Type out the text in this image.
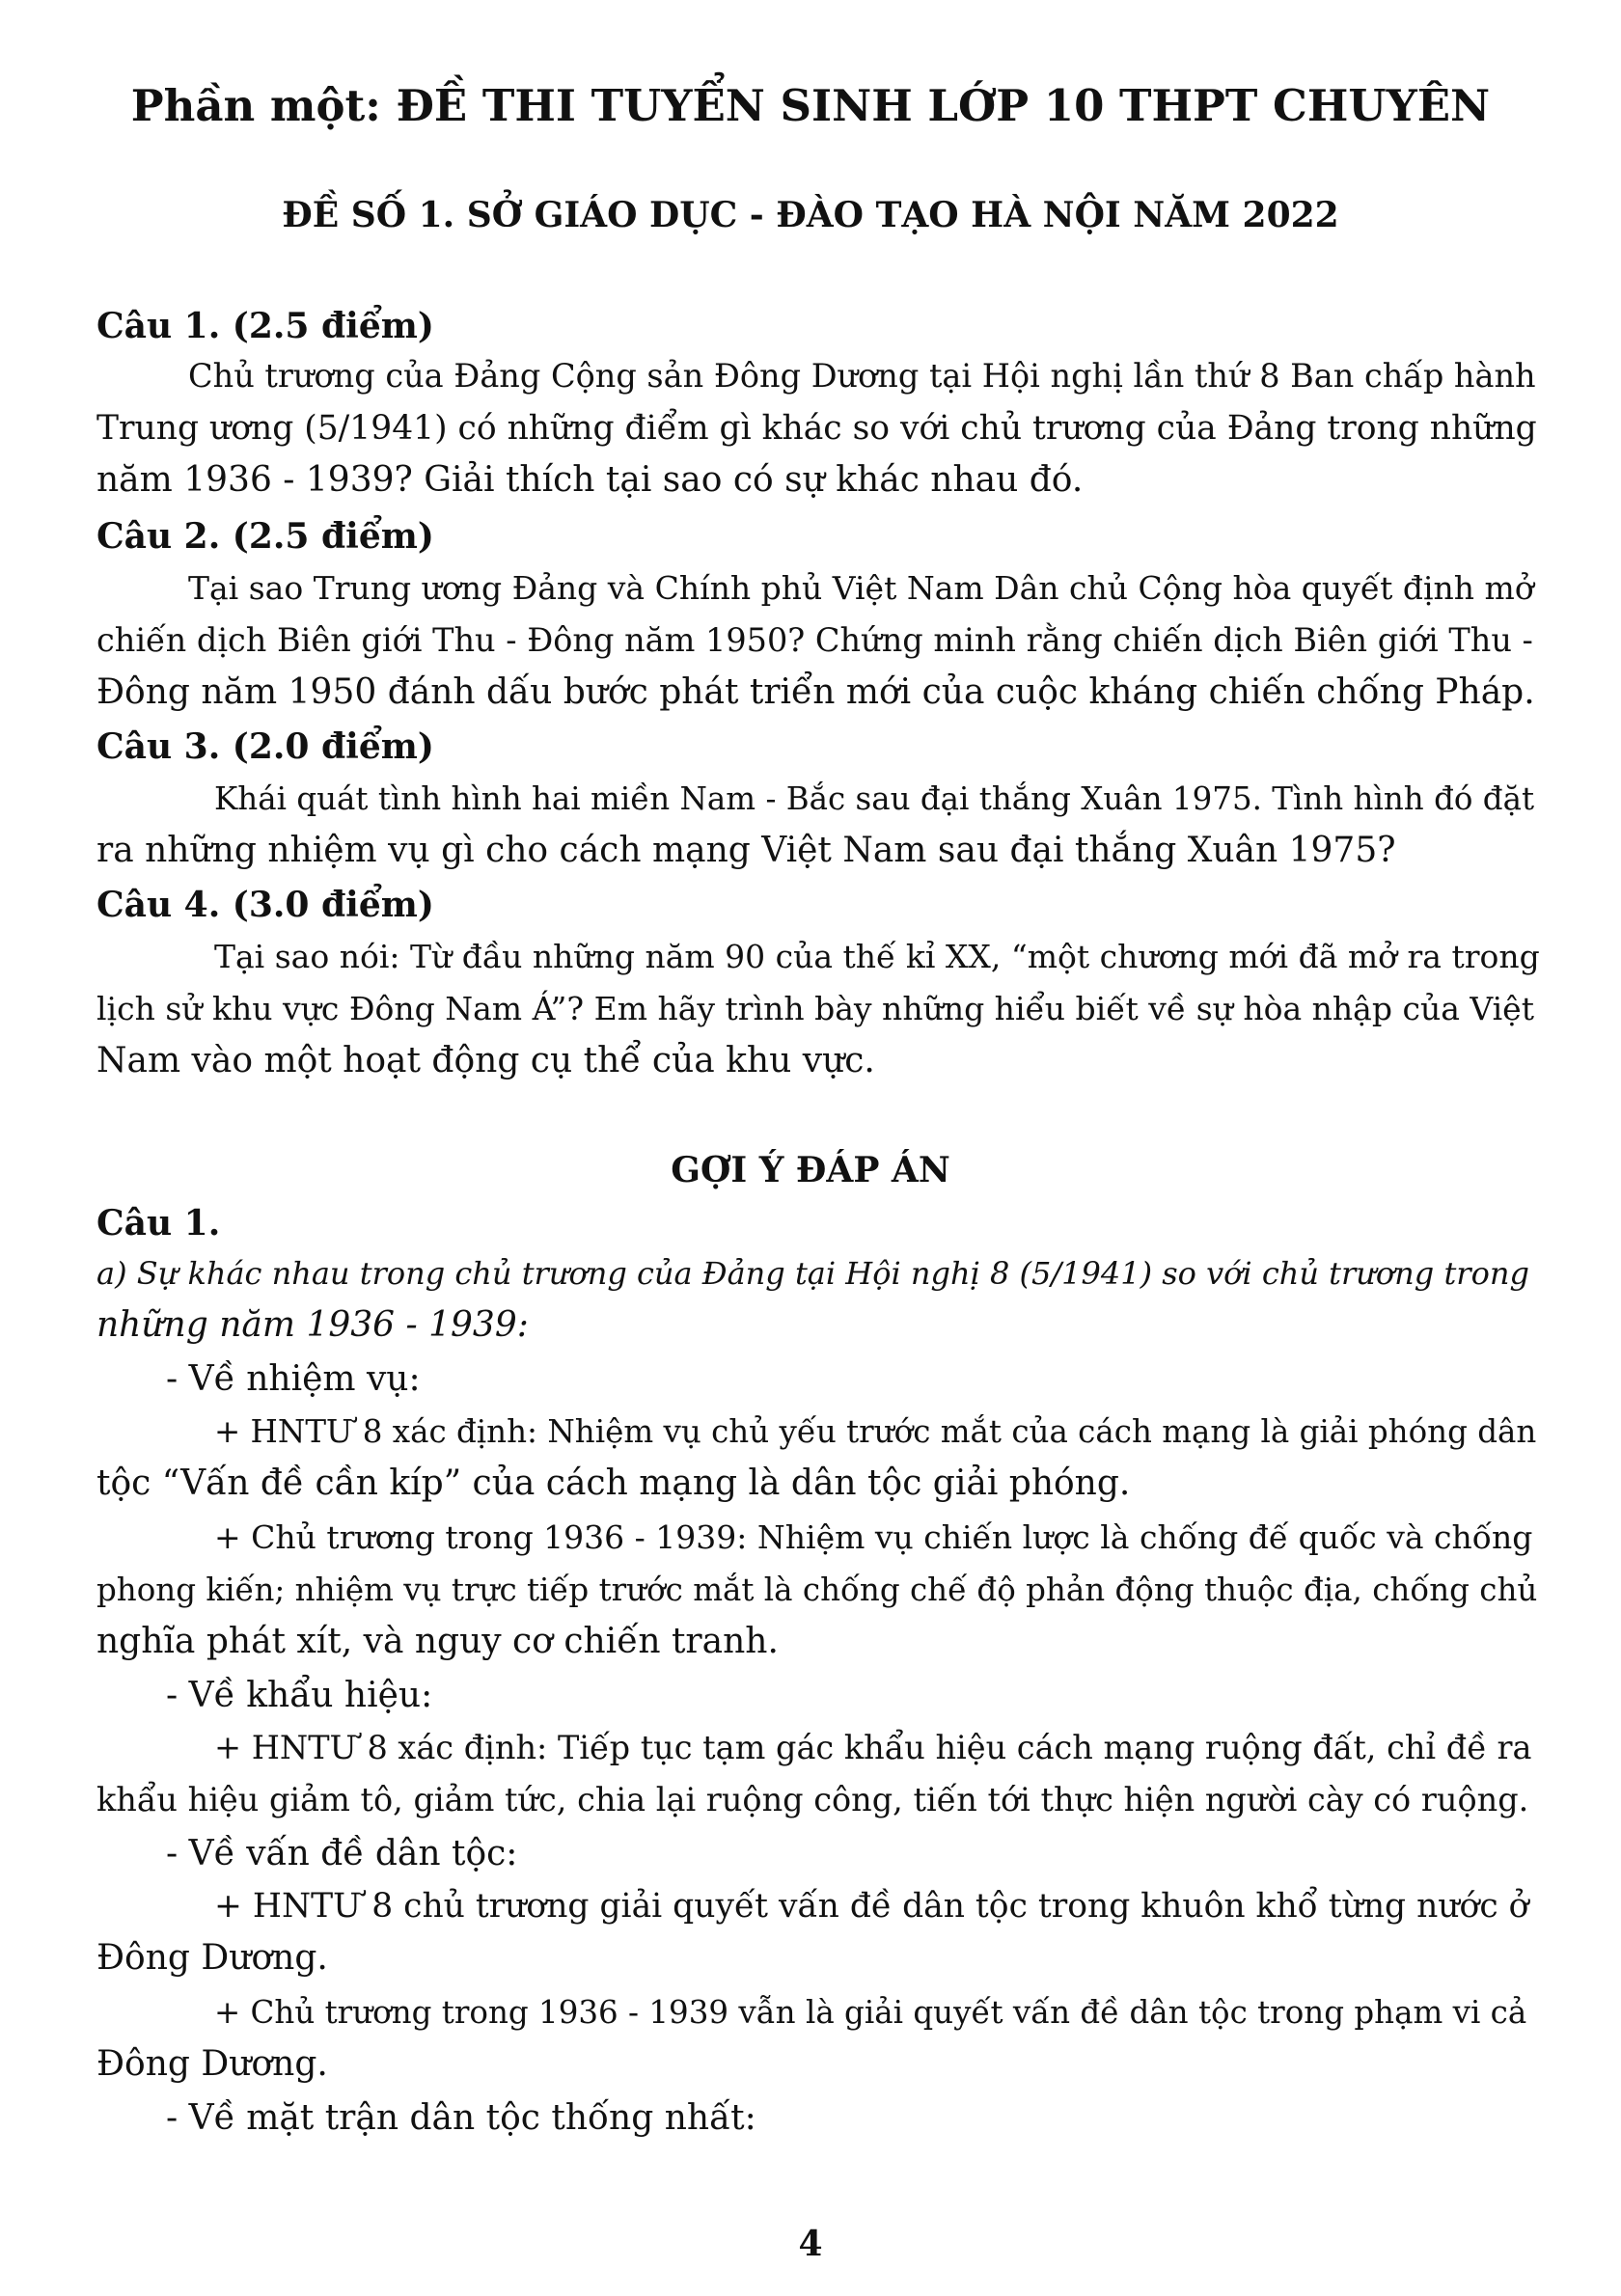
Phần một: ĐỀ THI TUYỂN SINH LỚP 10 THPT CHUYÊN
ĐỀ SỐ 1. SỞ GIÁO DỤC - ĐÀO TẠO HÀ NỘI NĂM 2022
Câu 1. (2.5 điểm)
Chủ trương của Đảng Cộng sản Đông Dương tại Hội nghị lần thứ 8 Ban chấp hành
Trung ương (5/1941) có những điểm gì khác so với chủ trương của Đảng trong những
năm 1936 - 1939? Giải thích tại sao có sự khác nhau đó.
Câu 2. (2.5 điểm)
Tại sao Trung ương Đảng và Chính phủ Việt Nam Dân chủ Cộng hòa quyết định mở
chiến dịch Biên giới Thu - Đông năm 1950? Chứng minh rằng chiến dịch Biên giới Thu -
Đông năm 1950 đánh dấu bước phát triển mới của cuộc kháng chiến chống Pháp.
Câu 3. (2.0 điểm)
Khái quát tình hình hai miền Nam - Bắc sau đại thắng Xuân 1975. Tình hình đó đặt
ra những nhiệm vụ gì cho cách mạng Việt Nam sau đại thắng Xuân 1975?
Câu 4. (3.0 điểm)
Tại sao nói: Từ đầu những năm 90 của thế kỉ XX, “một chương mới đã mở ra trong
lịch sử khu vực Đông Nam Á”? Em hãy trình bày những hiểu biết về sự hòa nhập của Việt
Nam vào một hoạt động cụ thể của khu vực.
GỢI Ý ĐÁP ÁN
Câu 1.
a) Sự khác nhau trong chủ trương của Đảng tại Hội nghị 8 (5/1941) so với chủ trương trong
những năm 1936 - 1939:
- Về nhiệm vụ:
+ HNTƯ 8 xác định: Nhiệm vụ chủ yếu trước mắt của cách mạng là giải phóng dân
tộc “Vấn đề cần kíp” của cách mạng là dân tộc giải phóng.
+ Chủ trương trong 1936 - 1939: Nhiệm vụ chiến lược là chống đế quốc và chống
phong kiến; nhiệm vụ trực tiếp trước mắt là chống chế độ phản động thuộc địa, chống chủ
nghĩa phát xít, và nguy cơ chiến tranh.
- Về khẩu hiệu:
+ HNTƯ 8 xác định: Tiếp tục tạm gác khẩu hiệu cách mạng ruộng đất, chỉ đề ra
khẩu hiệu giảm tô, giảm tức, chia lại ruộng công, tiến tới thực hiện người cày có ruộng.
- Về vấn đề dân tộc:
+ HNTƯ 8 chủ trương giải quyết vấn đề dân tộc trong khuôn khổ từng nước ở
Đông Dương.
+ Chủ trương trong 1936 - 1939 vẫn là giải quyết vấn đề dân tộc trong phạm vi cả
Đông Dương.
- Về mặt trận dân tộc thống nhất:
4
